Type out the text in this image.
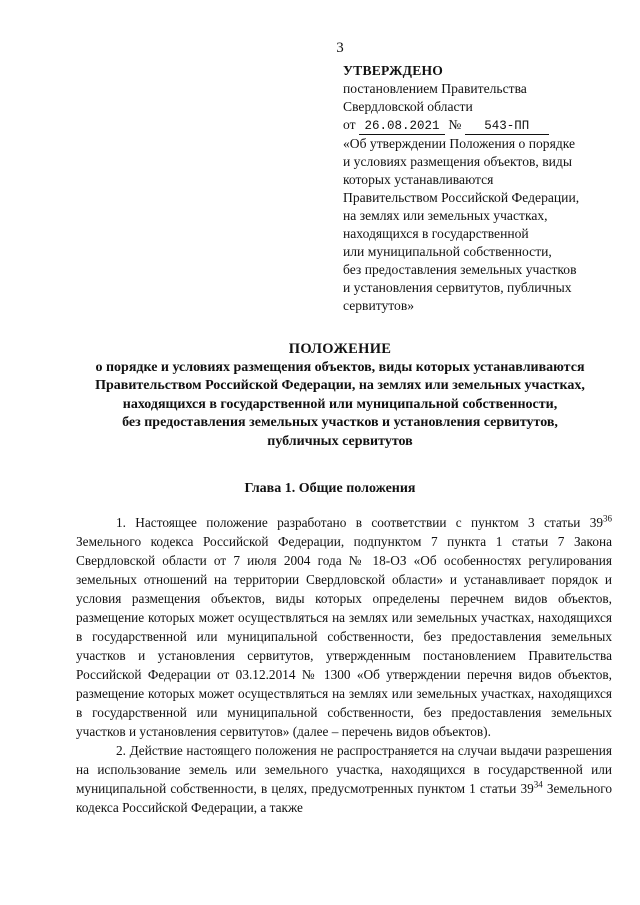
3
УТВЕРЖДЕНО
постановлением Правительства
Свердловской области
от 26.08.2021 № 543-ПП
«Об утверждении Положения о порядке
и условиях размещения объектов, виды
которых устанавливаются
Правительством Российской Федерации,
на землях или земельных участках,
находящихся в государственной
или муниципальной собственности,
без предоставления земельных участков
и установления сервитутов, публичных
сервитутов»
ПОЛОЖЕНИЕ
о порядке и условиях размещения объектов, виды которых устанавливаются
Правительством Российской Федерации, на землях или земельных участках,
находящихся в государственной или муниципальной собственности,
без предоставления земельных участков и установления сервитутов,
публичных сервитутов
Глава 1. Общие положения

1. Настоящее положение разработано в соответствии с пунктом 3 статьи $39^{36}$ Земельного кодекса Российской Федерации, подпунктом 7 пункта 1 статьи 7 Закона Свердловской области от 7 июля 2004 года № 18-ОЗ «Об особенностях регулирования земельных отношений на территории Свердловской области» и устанавливает порядок и условия размещения объектов, виды которых определены перечнем видов объектов, размещение которых может осуществляться на землях или земельных участках, находящихся в государственной или муниципальной собственности, без предоставления земельных участков и установления сервитутов, утвержденным постановлением Правительства Российской Федерации от 03.12.2014 № 1300 «Об утверждении перечня видов объектов, размещение которых может осуществляться на землях или земельных участках, находящихся в государственной или муниципальной собственности, без предоставления земельных участков и установления сервитутов» (далее – перечень видов объектов).

2. Действие настоящего положения не распространяется на случаи выдачи разрешения на использование земель или земельного участка, находящихся в государственной или муниципальной собственности, в целях, предусмотренных пунктом 1 статьи $39^{34}$ Земельного кодекса Российской Федерации, а также
